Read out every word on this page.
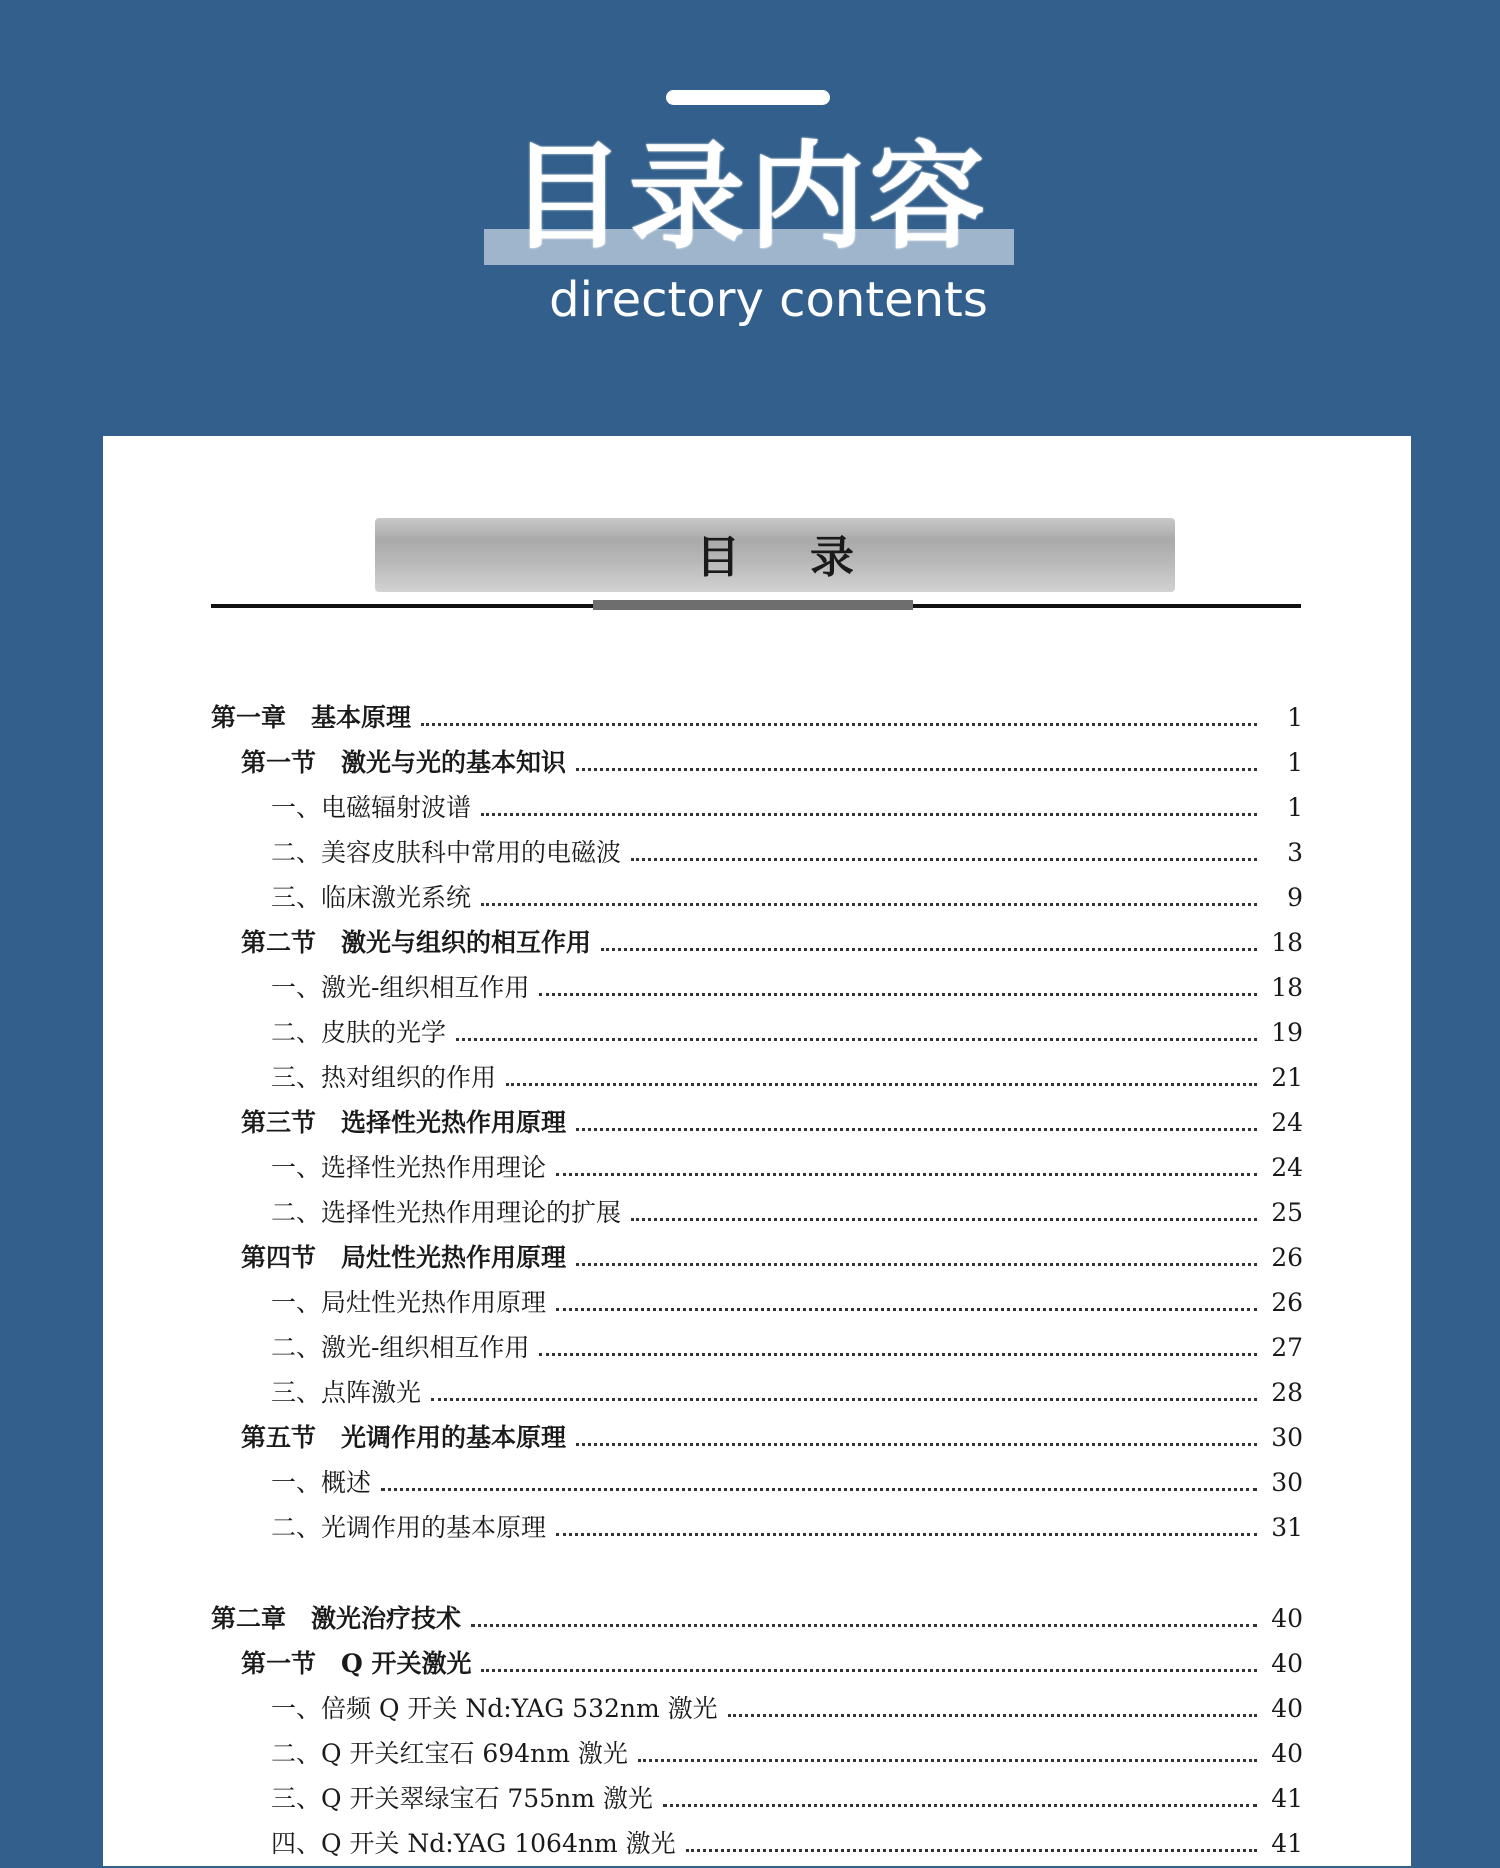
目录内容
directory contents
目录
第一章　基本原理	1
第一节　激光与光的基本知识	1
一、电磁辐射波谱	1
二、美容皮肤科中常用的电磁波	3
三、临床激光系统	9
第二节　激光与组织的相互作用	18
一、激光-组织相互作用	18
二、皮肤的光学	19
三、热对组织的作用	21
第三节　选择性光热作用原理	24
一、选择性光热作用理论	24
二、选择性光热作用理论的扩展	25
第四节　局灶性光热作用原理	26
一、局灶性光热作用原理	26
二、激光-组织相互作用	27
三、点阵激光	28
第五节　光调作用的基本原理	30
一、概述	30
二、光调作用的基本原理	31
第二章　激光治疗技术	40
第一节　Q 开关激光	40
一、倍频 Q 开关 Nd:YAG 532nm 激光	40
二、Q 开关红宝石 694nm 激光	40
三、Q 开关翠绿宝石 755nm 激光	41
四、Q 开关 Nd:YAG 1064nm 激光	41
